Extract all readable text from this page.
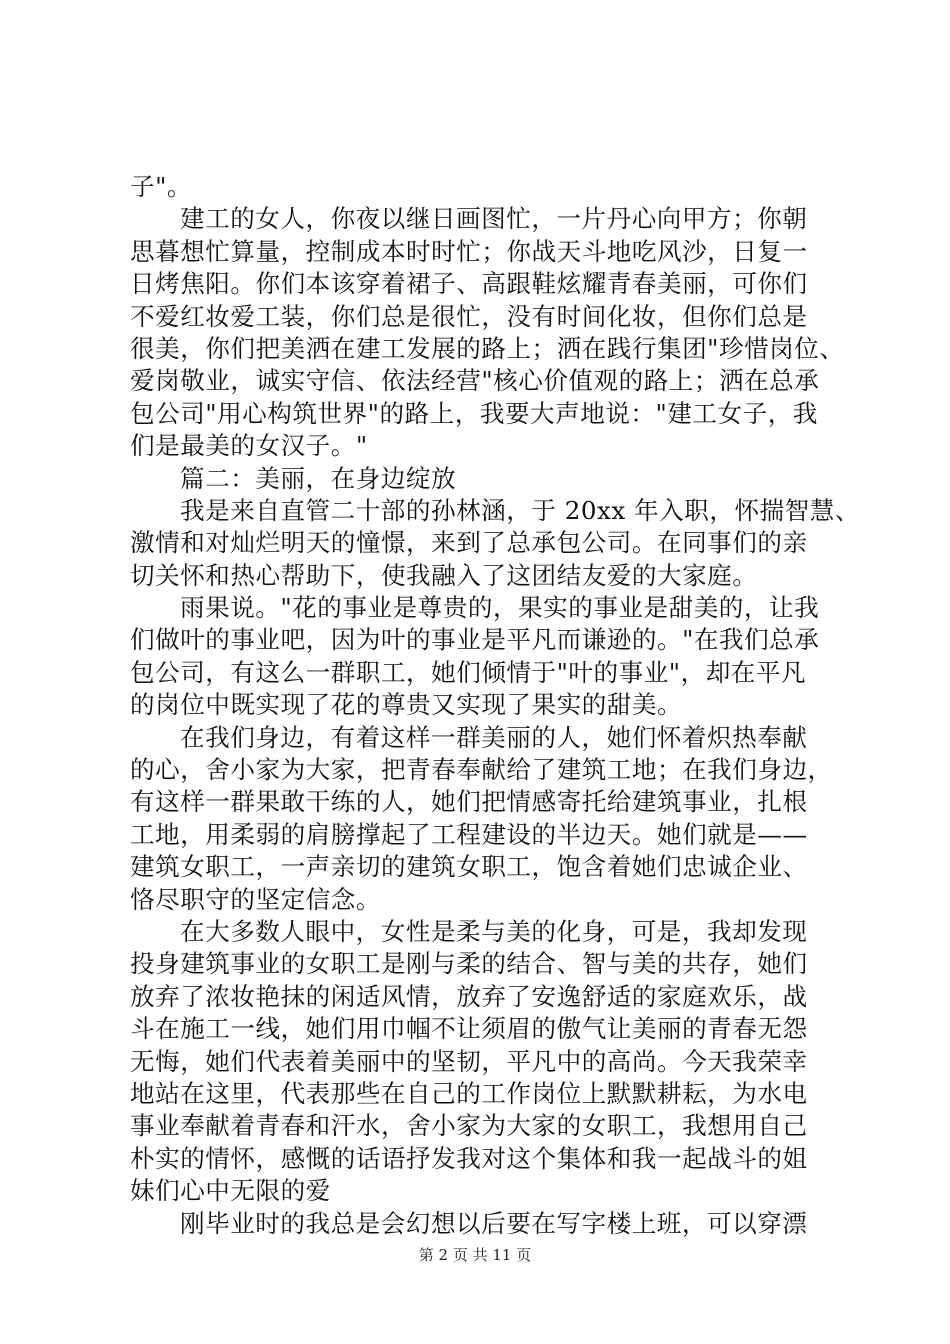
子"。
建工的女人，你夜以继日画图忙，一片丹心向甲方；你朝
思暮想忙算量，控制成本时时忙；你战天斗地吃风沙，日复一
日烤焦阳。你们本该穿着裙子、高跟鞋炫耀青春美丽，可你们
不爱红妆爱工装，你们总是很忙，没有时间化妆，但你们总是
很美，你们把美洒在建工发展的路上；洒在践行集团"珍惜岗位、
爱岗敬业，诚实守信、依法经营"核心价值观的路上；洒在总承
包公司"用心构筑世界"的路上，我要大声地说："建工女子，我
们是最美的女汉子。"
篇二：美丽，在身边绽放
我是来自直管二十部的孙林涵，于 20xx 年入职，怀揣智慧、
激情和对灿烂明天的憧憬，来到了总承包公司。在同事们的亲
切关怀和热心帮助下，使我融入了这团结友爱的大家庭。
雨果说。"花的事业是尊贵的，果实的事业是甜美的，让我
们做叶的事业吧，因为叶的事业是平凡而谦逊的。"在我们总承
包公司，有这么一群职工，她们倾情于"叶的事业"，却在平凡
的岗位中既实现了花的尊贵又实现了果实的甜美。
在我们身边，有着这样一群美丽的人，她们怀着炽热奉献
的心，舍小家为大家，把青春奉献给了建筑工地；在我们身边，
有这样一群果敢干练的人，她们把情感寄托给建筑事业，扎根
工地，用柔弱的肩膀撑起了工程建设的半边天。她们就是——
建筑女职工，一声亲切的建筑女职工，饱含着她们忠诚企业、
恪尽职守的坚定信念。
在大多数人眼中，女性是柔与美的化身，可是，我却发现
投身建筑事业的女职工是刚与柔的结合、智与美的共存，她们
放弃了浓妆艳抹的闲适风情，放弃了安逸舒适的家庭欢乐，战
斗在施工一线，她们用巾帼不让须眉的傲气让美丽的青春无怨
无悔，她们代表着美丽中的坚韧，平凡中的高尚。今天我荣幸
地站在这里，代表那些在自己的工作岗位上默默耕耘，为水电
事业奉献着青春和汗水，舍小家为大家的女职工，我想用自己
朴实的情怀，感慨的话语抒发我对这个集体和我一起战斗的姐
妹们心中无限的爱
刚毕业时的我总是会幻想以后要在写字楼上班，可以穿漂
第 2 页 共 11 页
